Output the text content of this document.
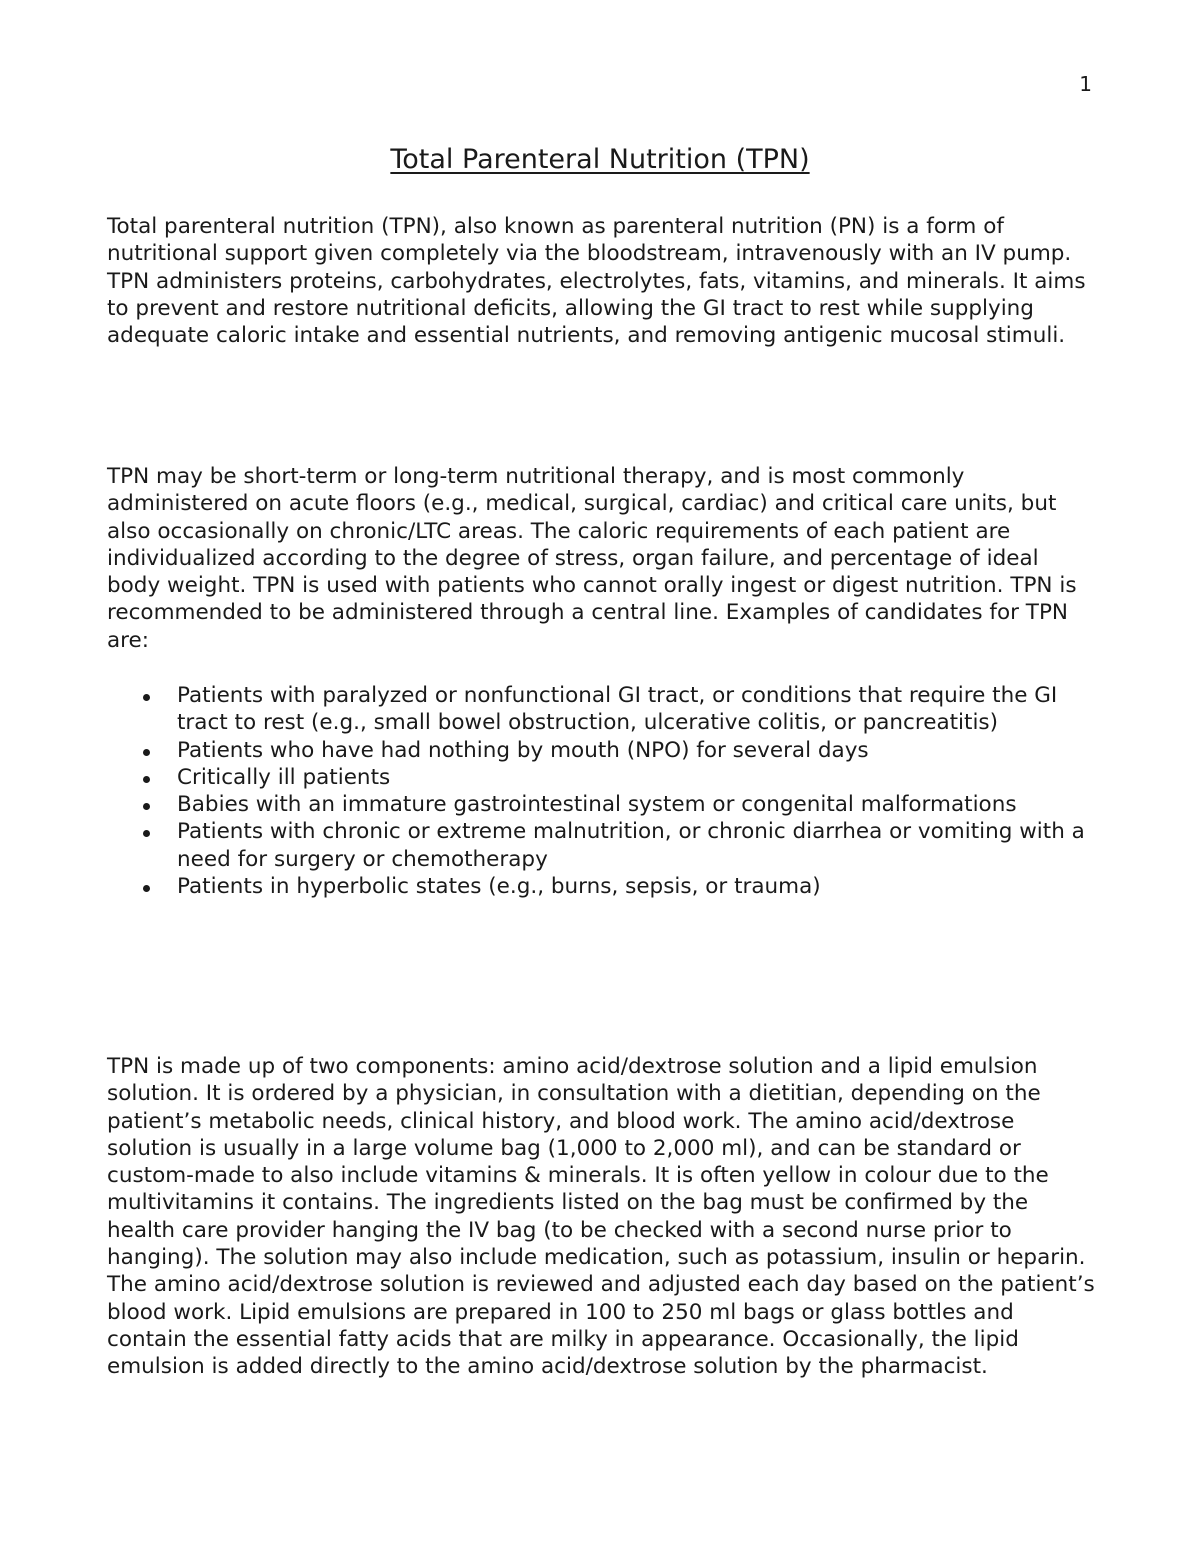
1
Total Parenteral Nutrition (TPN)

Total parenteral nutrition (TPN), also known as parenteral nutrition (PN) is a form of nutritional support given completely via the bloodstream, intravenously with an IV pump. TPN administers proteins, carbohydrates, electrolytes, fats, vitamins, and minerals. It aims to prevent and restore nutritional deficits, allowing the GI tract to rest while supplying adequate caloric intake and essential nutrients, and removing antigenic mucosal stimuli.

TPN may be short-term or long-term nutritional therapy, and is most commonly administered on acute floors (e.g., medical, surgical, cardiac) and critical care units, but also occasionally on chronic/LTC areas. The caloric requirements of each patient are individualized according to the degree of stress, organ failure, and percentage of ideal body weight. TPN is used with patients who cannot orally ingest or digest nutrition. TPN is recommended to be administered through a central line. Examples of candidates for TPN are:

Patients with paralyzed or nonfunctional GI tract, or conditions that require the GI tract to rest (e.g., small bowel obstruction, ulcerative colitis, or pancreatitis)
Patients who have had nothing by mouth (NPO) for several days
Critically ill patients
Babies with an immature gastrointestinal system or congenital malformations
Patients with chronic or extreme malnutrition, or chronic diarrhea or vomiting with a need for surgery or chemotherapy
Patients in hyperbolic states (e.g., burns, sepsis, or trauma)

TPN is made up of two components: amino acid/dextrose solution and a lipid emulsion solution. It is ordered by a physician, in consultation with a dietitian, depending on the patient’s metabolic needs, clinical history, and blood work. The amino acid/dextrose solution is usually in a large volume bag (1,000 to 2,000 ml), and can be standard or custom-made to also include vitamins & minerals. It is often yellow in colour due to the multivitamins it contains. The ingredients listed on the bag must be confirmed by the health care provider hanging the IV bag (to be checked with a second nurse prior to hanging). The solution may also include medication, such as potassium, insulin or heparin. The amino acid/dextrose solution is reviewed and adjusted each day based on the patient’s blood work. Lipid emulsions are prepared in 100 to 250 ml bags or glass bottles and contain the essential fatty acids that are milky in appearance. Occasionally, the lipid emulsion is added directly to the amino acid/dextrose solution by the pharmacist.
